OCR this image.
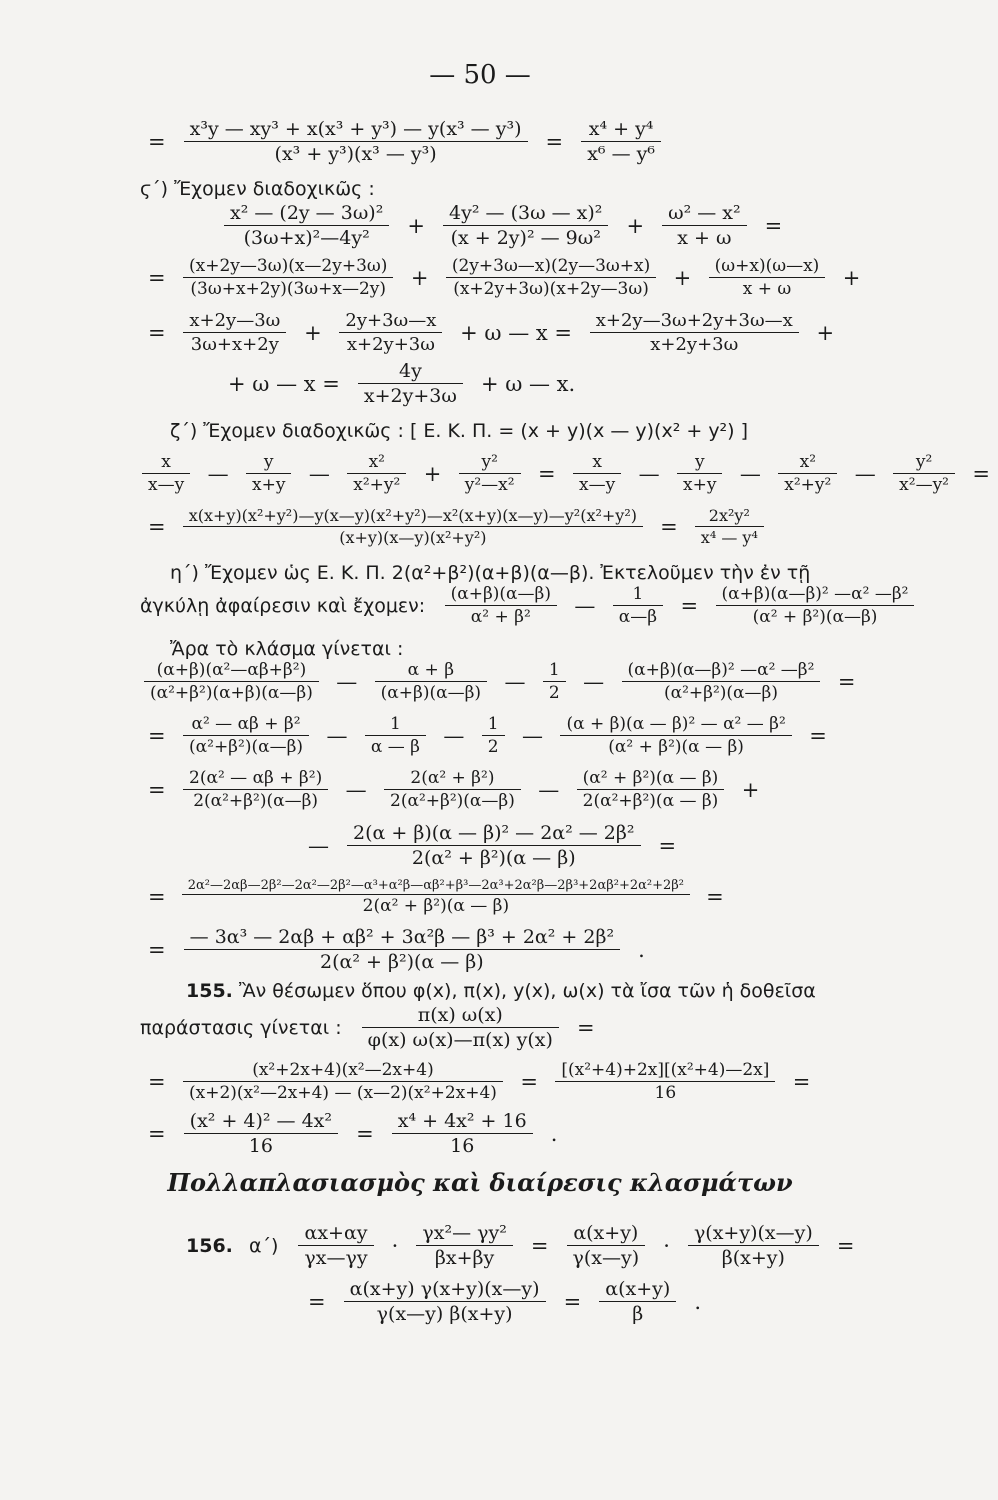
— 50 —
= $\frac{\text{x³y — xy³ + x(x³ + y³) — y(x³ — y³)}}{\text{(x³ + y³)(x³ — y³)}} = \frac{\text{x⁴ + y⁴}}{\text{x⁶ — y⁶}}$
ϛ΄) Ἔχομεν διαδοχικῶς :
$\frac{\text{x² — (2y — 3ω)²}}{\text{(3ω+x)²—4y²}} + \frac{\text{4y² — (3ω — x)²}}{\text{(x + 2y)² — 9ω²}} + \frac{\text{ω² — x²}}{x + \omega}$ =
= $\frac{(x+2y—3\omega)(x—2y+3\omega)}{(3\omega+x+2y)(3\omega+x—2y)} + \frac{(2y+3\omega—x)(2y—3\omega+x)}{(x+2y+3\omega)(x+2y—3\omega)} + \frac{(\omega+x)(\omega—x)}{x + \omega}$ +
= $\frac{x+2y—3\omega}{3\omega+x+2y} + \frac{2y+3\omega—x}{x+2y+3\omega} + \omega$ — $x = \frac{x+2y—3\omega+2y+3\omega—x}{x+2y+3\omega}$ +
+ ω — $x = \frac{4y}{x+2y+3\omega} + \omega$ — x.
ζ΄) Ἔχομεν διαδοχικῶς : [ Ε. Κ. Π. = (x + y)(x — y)(x² + y²) ]
$\frac{x}{x—y}$ — $\frac{y}{x+y}$ — $\frac{\text{x²}}{\text{x²+y²}} + \frac{\text{y²}}{\text{y²—x²}} = \frac{x}{x—y}$ — $\frac{y}{x+y}$ — $\frac{\text{x²}}{\text{x²+y²}}$ — $\frac{\text{y²}}{\text{x²—y²}}$ =
= $\frac{\text{x(x+y)(x²+y²)—y(x—y)(x²+y²)—x²(x+y)(x—y)—y²(x²+y²)}}{\text{(x+y)(x—y)(x²+y²)}} = \frac{\text{2x²y²}}{\text{x⁴ — y⁴}}$
η΄) Ἔχομεν ὡς Ε. Κ. Π. 2(α²+β²)(α+β)(α—β). Ἐκτελοῦμεν τὴν ἐν τῇ
ἀγκύλῃ ἀφαίρεσιν καὶ ἔχομεν: $\frac{(\alpha+\beta)(\alpha—\beta)}{\text{α² + β²}}$ — $\frac{1}{\alpha—\beta} = \frac{\text{(α+β)(α—β)² —α² —β²}}{\text{(α² + β²)(α—β)}}$
Ἄρα τὸ κλάσμα γίνεται :
$\frac{\text{(α+β)(α²—αβ+β²)}}{\text{(α²+β²)(α+β)(α—β)}}$ — $\frac{\alpha + \beta}{(\alpha+\beta)(\alpha—\beta)}$ — $\frac{1}{2}$ — $\frac{\text{(α+β)(α—β)² —α² —β²}}{\text{(α²+β²)(α—β)}}$ =
= $\frac{\text{α² — αβ + β²}}{\text{(α²+β²)(α—β)}}$ — $\frac{1}{\alpha — \beta}$ — $\frac{1}{2}$ — $\frac{\text{(α + β)(α — β)² — α² — β²}}{\text{(α² + β²)(α — β)}}$ =
= $\frac{\text{2(α² — αβ + β²)}}{\text{2(α²+β²)(α—β)}}$ — $\frac{\text{2(α² + β²)}}{\text{2(α²+β²)(α—β)}}$ — $\frac{\text{(α² + β²)(α — β)}}{\text{2(α²+β²)(α — β)}}$ +
— $\frac{\text{2(α + β)(α — β)² — 2α² — 2β²}}{\text{2(α² + β²)(α — β)}}$ =
= $\frac{\text{2α²—2αβ—2β²—2α²—2β²—α³+α²β—αβ²+β³—2α³+2α²β—2β³+2αβ²+2α²+2β²}}{\text{2(α² + β²)(α — β)}}$ =
= $\frac{\text{— 3α³ — 2αβ + αβ² + 3α²β — β³ + 2α² + 2β²}}{\text{2(α² + β²)(α — β)}}$ .
155. Ἂν θέσωμεν ὅπου φ(x), π(x), y(x), ω(x) τὰ ἴσα τῶν ἡ δοθεῖσα
παράστασις γίνεται : $\frac{\pi(x) \omega(x)}{\varphi(x) \omega(x)—\pi(x) y(x)}$ =
= $\frac{\text{(x²+2x+4)(x²—2x+4)}}{\text{(x+2)(x²—2x+4) — (x—2)(x²+2x+4)}} = \frac{\text{[(x²+4)+2x][(x²+4)—2x]}}{16}$ =
= $\frac{\text{(x² + 4)² — 4x²}}{16} = \frac{\text{x⁴ + 4x² + 16}}{16}$ .
Πολλαπλασιασμὸς καὶ διαίρεσις κλασμάτων
156. $\alpha΄) \frac{\alpha x+\alpha y}{\gamma x—\gamma y} \cdot \frac{\text{γx²— γy²}}{\beta x+\beta y} = \frac{\alpha(x+y)}{\gamma(x—y)} \cdot \frac{\gamma(x+y)(x—y)}{\beta(x+y)}$ =
= $\frac{\alpha(x+y) \gamma(x+y)(x—y)}{\gamma(x—y) \beta(x+y)} = \frac{\alpha(x+y)}{\beta}$ .
